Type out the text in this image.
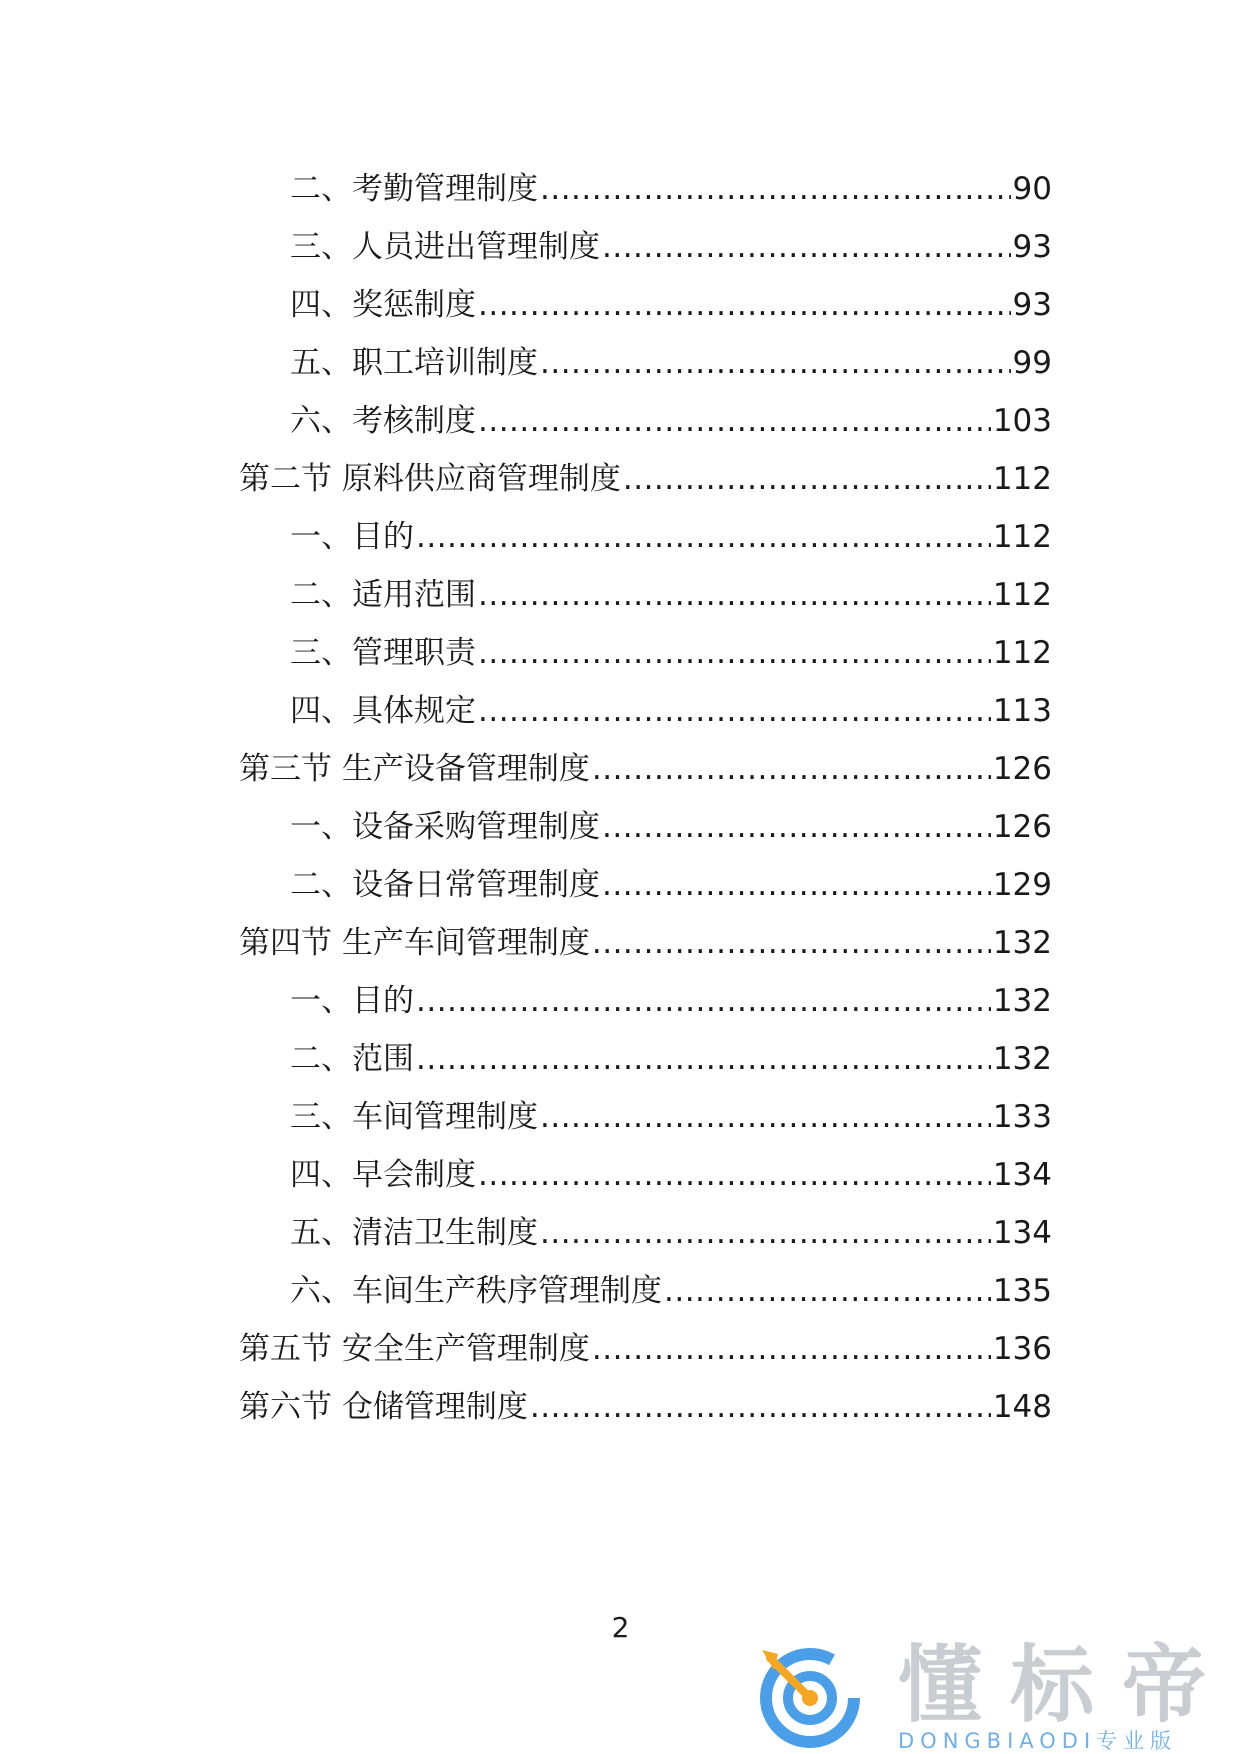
二、考勤管理制度 .....	90
三、人员进出管理制度 .....	93
四、奖惩制度 .....	93
五、职工培训制度 .....	99
六、考核制度 .....	103
第二节 原料供应商管理制度 .....	112
一、目的 .....	112
二、适用范围 .....	112
三、管理职责 .....	112
四、具体规定 .....	113
第三节 生产设备管理制度 .....	126
一、设备采购管理制度 .....	126
二、设备日常管理制度 .....	129
第四节 生产车间管理制度 .....	132
一、目的 .....	132
二、范围 .....	132
三、车间管理制度 .....	133
四、早会制度 .....	134
五、清洁卫生制度 .....	134
六、车间生产秩序管理制度 .....	135
第五节 安全生产管理制度 .....	136
第六节 仓储管理制度 .....	148
2
懂标帝
DONGBIAODI专业版
